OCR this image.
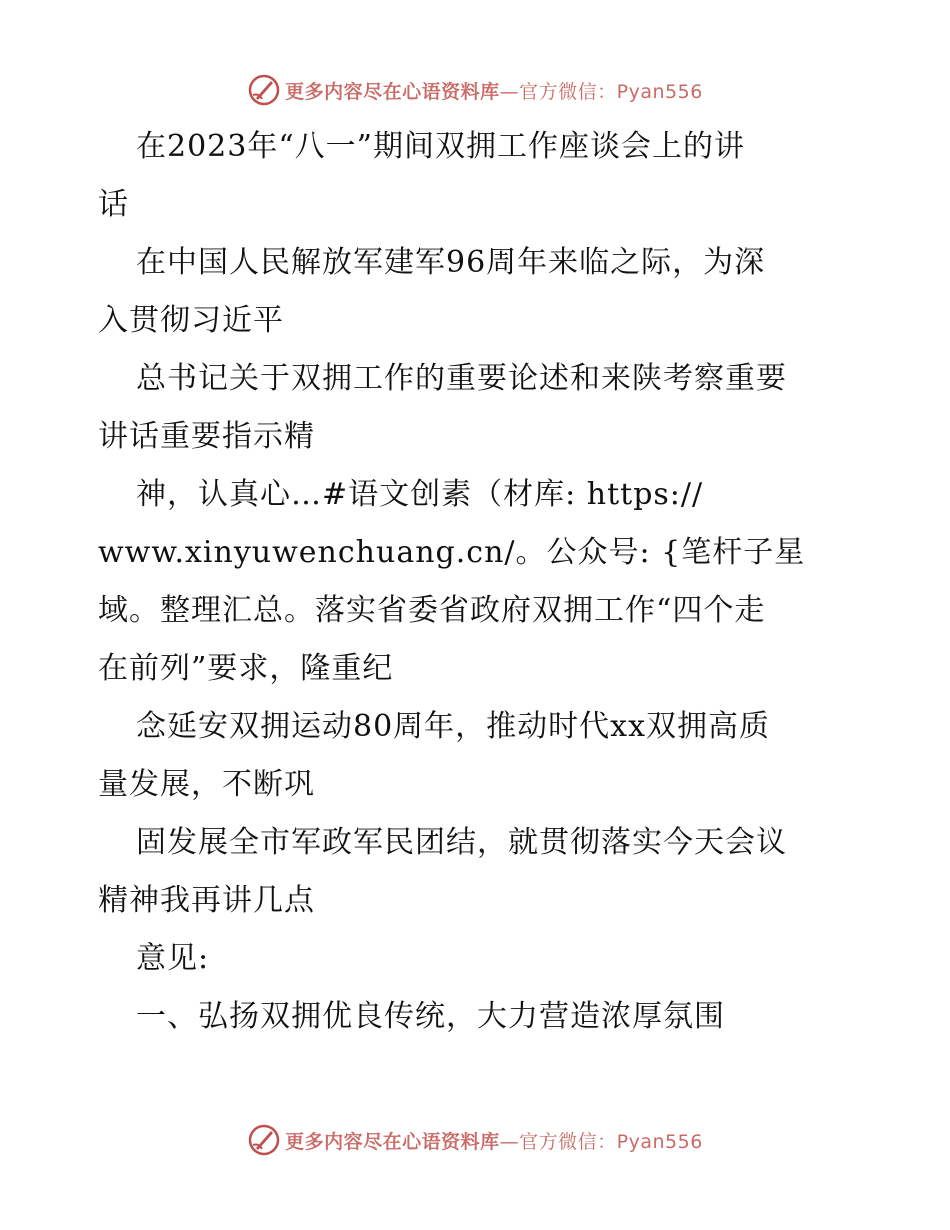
更多内容尽在心语资料库—官方微信：Pyan556
在2023年“八一”期间双拥工作座谈会上的讲
话
在中国人民解放军建军96周年来临之际，为深
入贯彻习近平
总书记关于双拥工作的重要论述和来陕考察重要
讲话重要指示精
神，认真心…#语文创素（材库: https://
www.xinyuwenchuang.cn/。公众号: {笔杆子星
域。整理汇总。落实省委省政府双拥工作“四个走
在前列”要求，隆重纪
念延安双拥运动80周年，推动时代xx双拥高质
量发展，不断巩
固发展全市军政军民团结，就贯彻落实今天会议
精神我再讲几点
意见:
一、弘扬双拥优良传统，大力营造浓厚氛围
更多内容尽在心语资料库—官方微信：Pyan556
